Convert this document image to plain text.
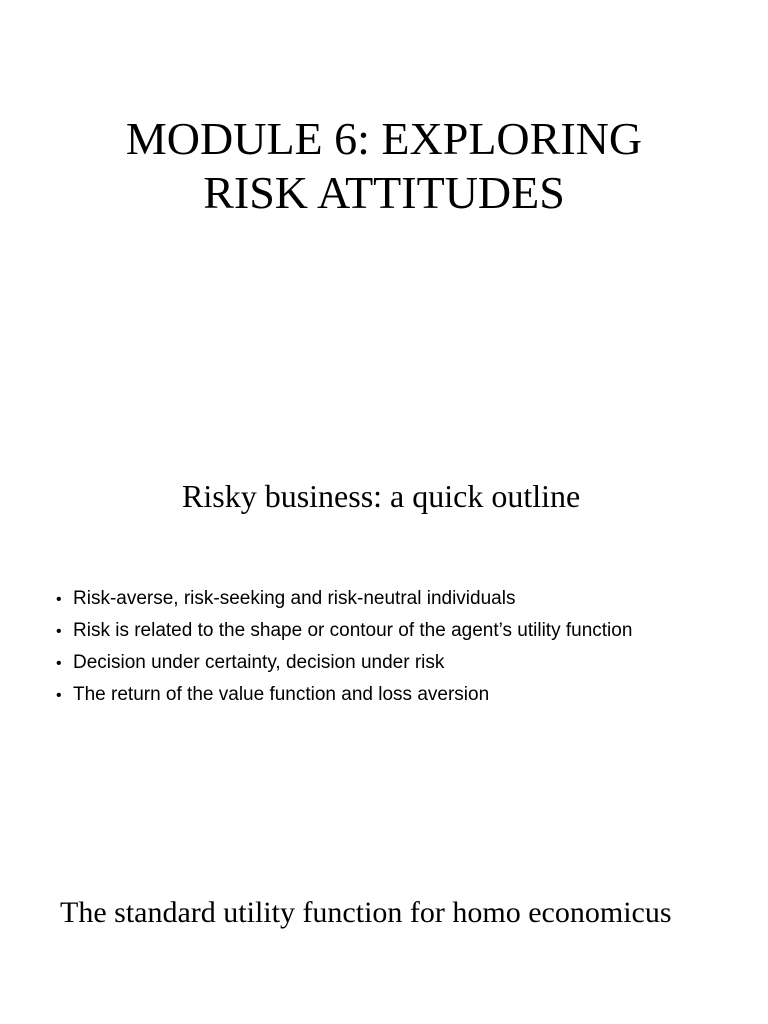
MODULE 6: EXPLORING
RISK ATTITUDES
Risky business: a quick outline
• Risk-averse, risk-seeking and risk-neutral individuals
• Risk is related to the shape or contour of the agent’s utility function
• Decision under certainty, decision under risk
• The return of the value function and loss aversion
The standard utility function for homo economicus
